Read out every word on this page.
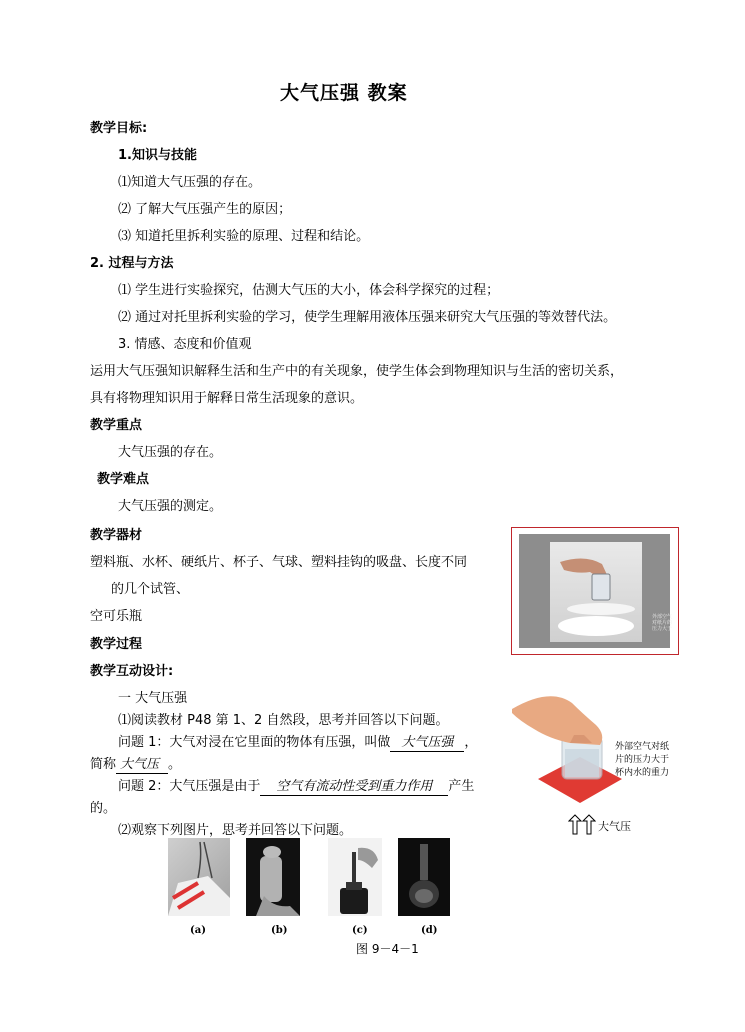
大气压强 教案
教学目标:
1.知识与技能
⑴知道大气压强的存在。
⑵ 了解大气压强产生的原因；
⑶ 知道托里拆利实验的原理、过程和结论。
2. 过程与方法
⑴ 学生进行实验探究，估测大气压的大小，体会科学探究的过程；
⑵ 通过对托里拆利实验的学习，使学生理解用液体压强来研究大气压强的等效替代法。
3. 情感、态度和价值观
运用大气压强知识解释生活和生产中的有关现象，使学生体会到物理知识与生活的密切关系，
具有将物理知识用于解释日常生活现象的意识。
教学重点
大气压强的存在。
教学难点
大气压强的测定。
教学器材
塑料瓶、水杯、硬纸片、杯子、气球、塑料挂钩的吸盘、长度不同
的几个试管、
空可乐瓶
教学过程
教学互动设计:
一 大气压强
⑴阅读教材 P48 第 1、2 自然段，思考并回答以下问题。
问题 1：大气对浸在它里面的物体有压强，叫做 大气压强 ，
简称 大气压 。
问题 2：大气压强是由于 空气有流动性受到重力作用 产生
的。
⑵观察下列图片，思考并回答以下问题。
外部空气
对纸片的
压力大于
外部空气对纸
片的压力大于
杯内水的重力
大气压
(a)	(b)	(c)	(d)
图 9－4－1
